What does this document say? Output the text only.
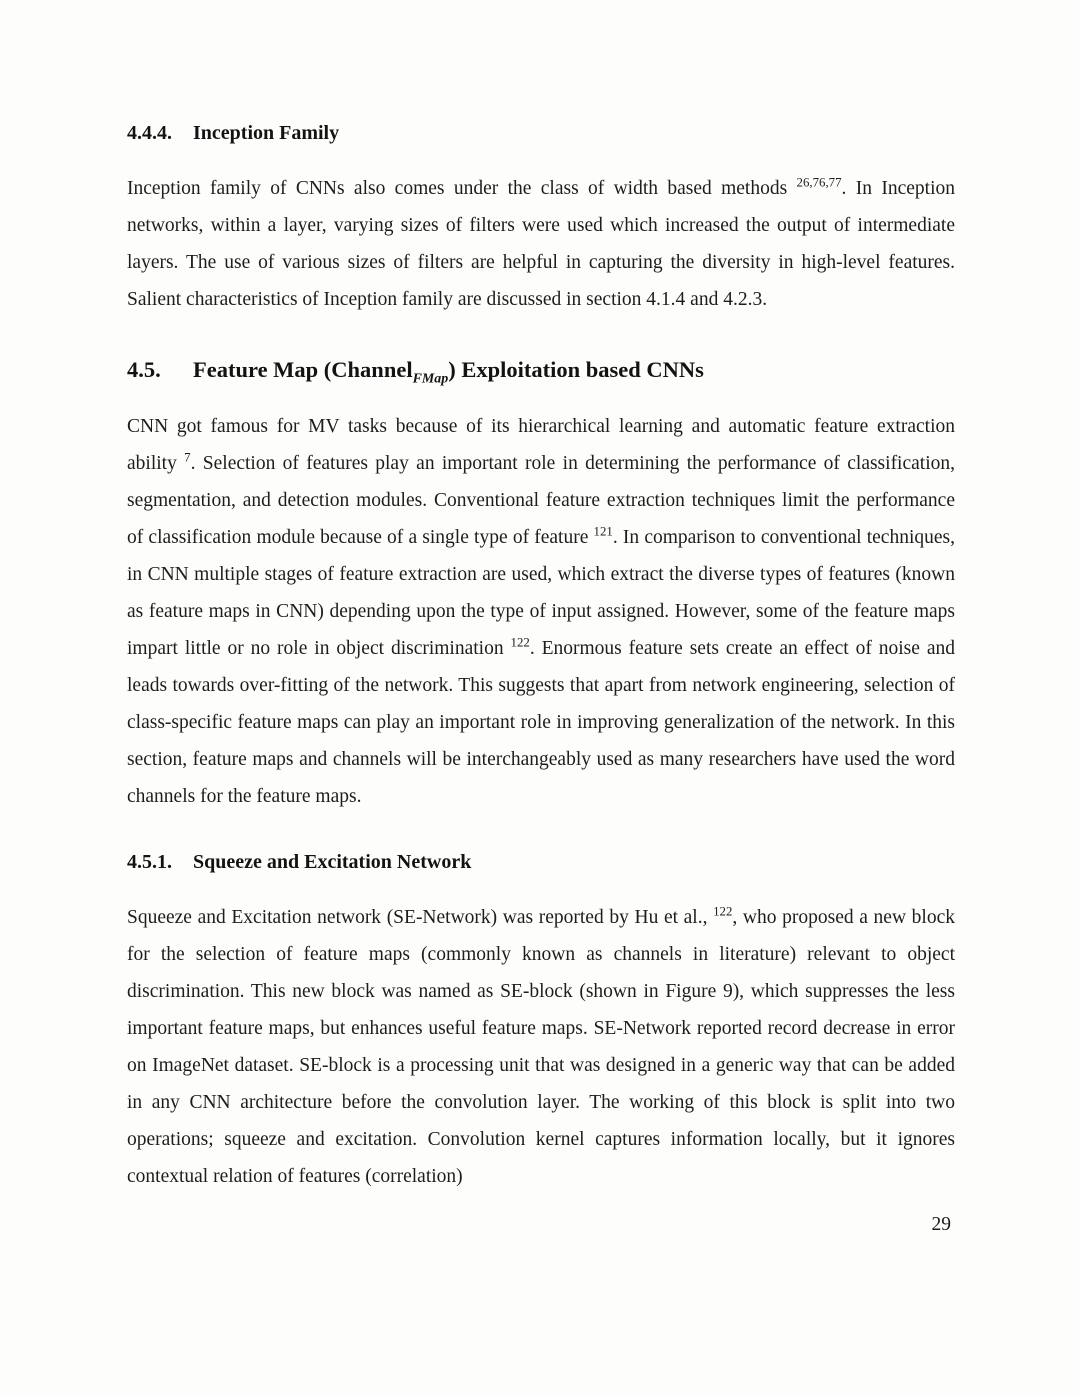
4.4.4. Inception Family

Inception family of CNNs also comes under the class of width based methods $^{26,76,77}$. In Inception networks, within a layer, varying sizes of filters were used which increased the output of intermediate layers. The use of various sizes of filters are helpful in capturing the diversity in high-level features. Salient characteristics of Inception family are discussed in section 4.1.4 and 4.2.3.

4.5. Feature Map (Channel$_{FMap}$) Exploitation based CNNs

CNN got famous for MV tasks because of its hierarchical learning and automatic feature extraction ability $^7$. Selection of features play an important role in determining the performance of classification, segmentation, and detection modules. Conventional feature extraction techniques limit the performance of classification module because of a single type of feature $^{121}$. In comparison to conventional techniques, in CNN multiple stages of feature extraction are used, which extract the diverse types of features (known as feature maps in CNN) depending upon the type of input assigned. However, some of the feature maps impart little or no role in object discrimination $^{122}$. Enormous feature sets create an effect of noise and leads towards over-fitting of the network. This suggests that apart from network engineering, selection of class-specific feature maps can play an important role in improving generalization of the network. In this section, feature maps and channels will be interchangeably used as many researchers have used the word channels for the feature maps.

4.5.1. Squeeze and Excitation Network

Squeeze and Excitation network (SE-Network) was reported by Hu et al., $^{122}$, who proposed a new block for the selection of feature maps (commonly known as channels in literature) relevant to object discrimination. This new block was named as SE-block (shown in Figure 9), which suppresses the less important feature maps, but enhances useful feature maps. SE-Network reported record decrease in error on ImageNet dataset. SE-block is a processing unit that was designed in a generic way that can be added in any CNN architecture before the convolution layer. The working of this block is split into two operations; squeeze and excitation. Convolution kernel captures information locally, but it ignores contextual relation of features (correlation)

29
